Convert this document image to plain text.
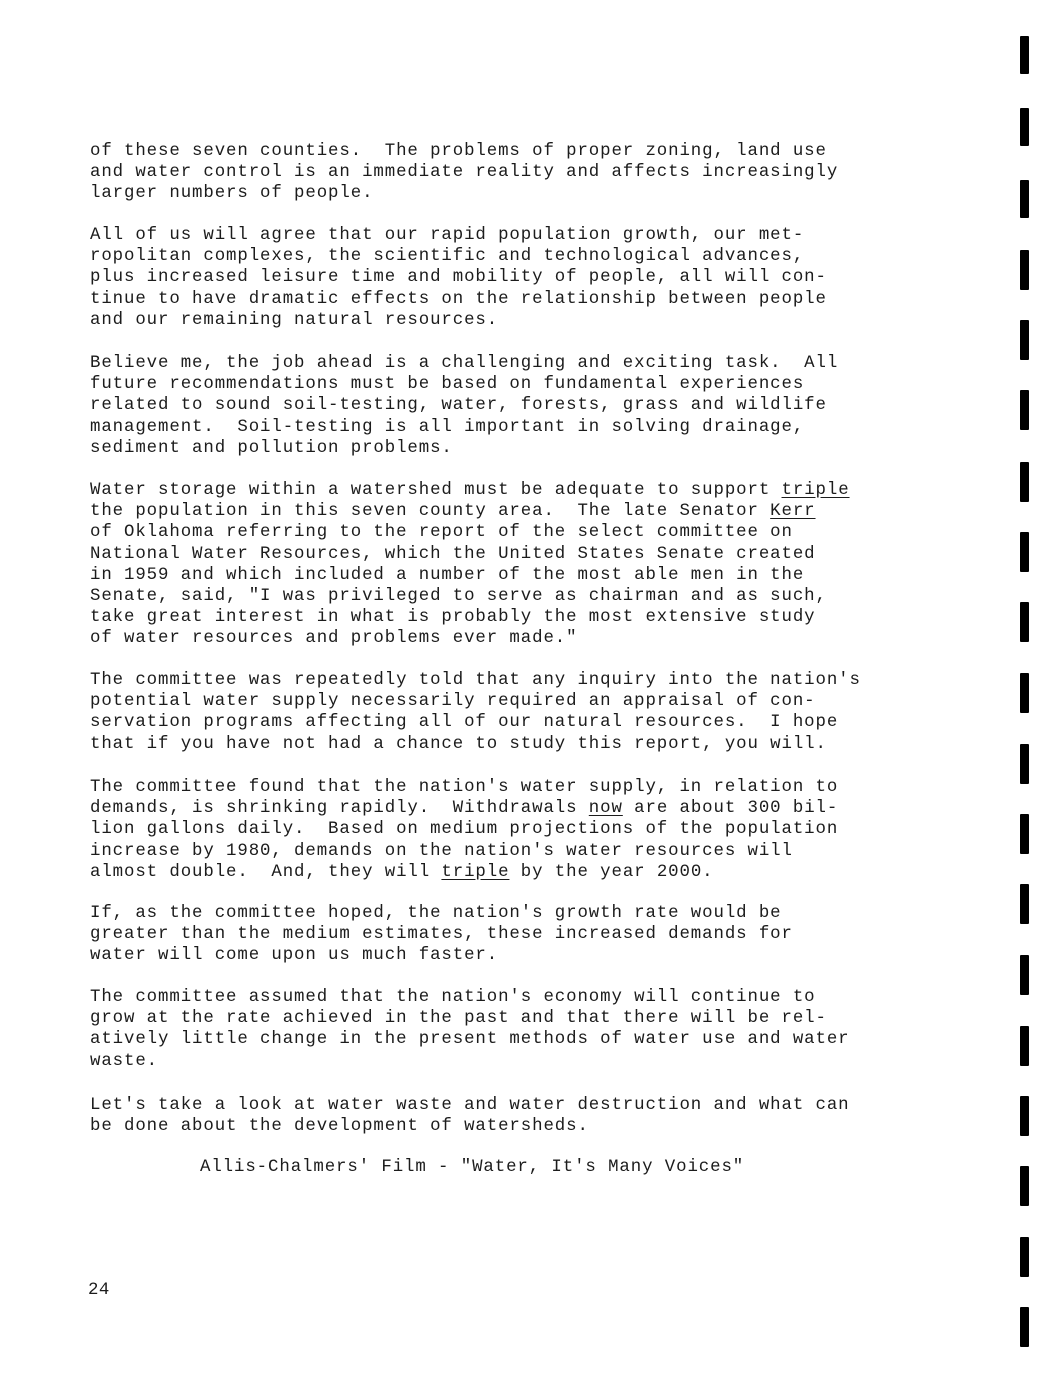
of these seven counties.  The problems of proper zoning, land use
and water control is an immediate reality and affects increasingly
larger numbers of people.
All of us will agree that our rapid population growth, our met-
ropolitan complexes, the scientific and technological advances,
plus increased leisure time and mobility of people, all will con-
tinue to have dramatic effects on the relationship between people
and our remaining natural resources.
Believe me, the job ahead is a challenging and exciting task.  All
future recommendations must be based on fundamental experiences
related to sound soil-testing, water, forests, grass and wildlife
management.  Soil-testing is all important in solving drainage,
sediment and pollution problems.
Water storage within a watershed must be adequate to support triple
the population in this seven county area.  The late Senator Kerr
of Oklahoma referring to the report of the select committee on
National Water Resources, which the United States Senate created
in 1959 and which included a number of the most able men in the
Senate, said, "I was privileged to serve as chairman and as such,
take great interest in what is probably the most extensive study
of water resources and problems ever made."
The committee was repeatedly told that any inquiry into the nation's
potential water supply necessarily required an appraisal of con-
servation programs affecting all of our natural resources.  I hope
that if you have not had a chance to study this report, you will.
The committee found that the nation's water supply, in relation to
demands, is shrinking rapidly.  Withdrawals now are about 300 bil-
lion gallons daily.  Based on medium projections of the population
increase by 1980, demands on the nation's water resources will
almost double.  And, they will triple by the year 2000.
If, as the committee hoped, the nation's growth rate would be
greater than the medium estimates, these increased demands for
water will come upon us much faster.
The committee assumed that the nation's economy will continue to
grow at the rate achieved in the past and that there will be rel-
atively little change in the present methods of water use and water
waste.
Let's take a look at water waste and water destruction and what can
be done about the development of watersheds.

Allis-Chalmers' Film - "Water, It's Many Voices"

24
